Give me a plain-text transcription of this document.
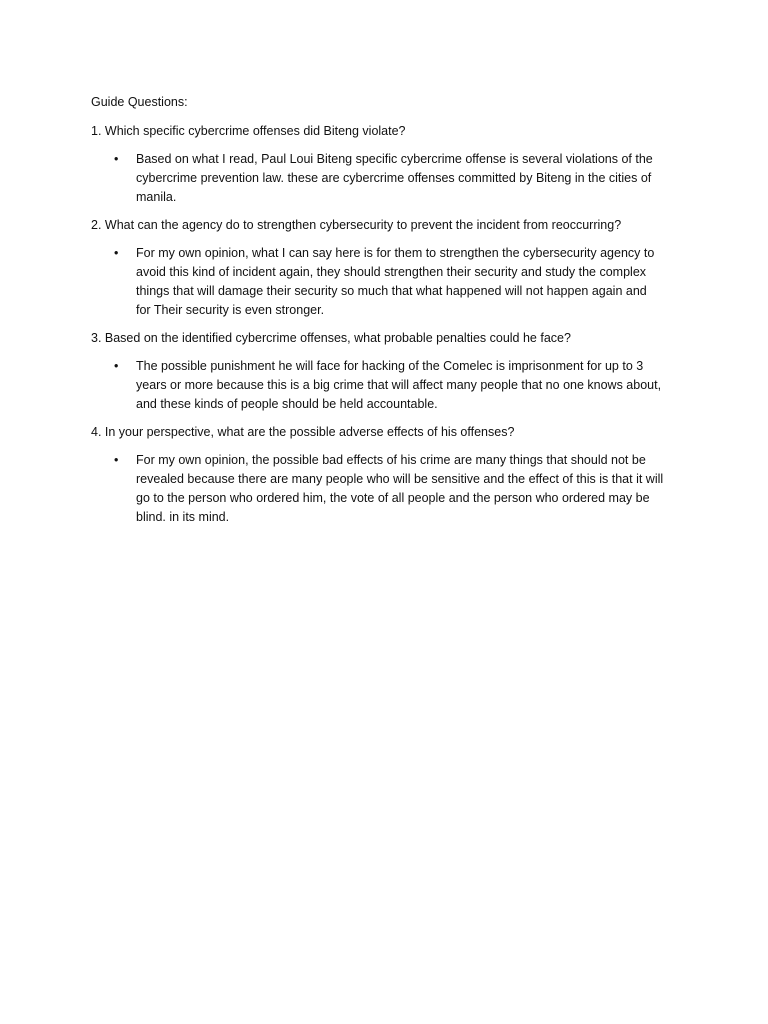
Guide Questions:

1. Which specific cybercrime offenses did Biteng violate?

• Based on what I read, Paul Loui Biteng specific cybercrime offense is several violations of the
cybercrime prevention law. these are cybercrime offenses committed by Biteng in the cities of
manila.

2. What can the agency do to strengthen cybersecurity to prevent the incident from reoccurring?

• For my own opinion, what I can say here is for them to strengthen the cybersecurity agency to
avoid this kind of incident again, they should strengthen their security and study the complex
things that will damage their security so much that what happened will not happen again and
for Their security is even stronger.

3. Based on the identified cybercrime offenses, what probable penalties could he face?

• The possible punishment he will face for hacking of the Comelec is imprisonment for up to 3
years or more because this is a big crime that will affect many people that no one knows about,
and these kinds of people should be held accountable.

4. In your perspective, what are the possible adverse effects of his offenses?

• For my own opinion, the possible bad effects of his crime are many things that should not be
revealed because there are many people who will be sensitive and the effect of this is that it will
go to the person who ordered him, the vote of all people and the person who ordered may be
blind. in its mind.
